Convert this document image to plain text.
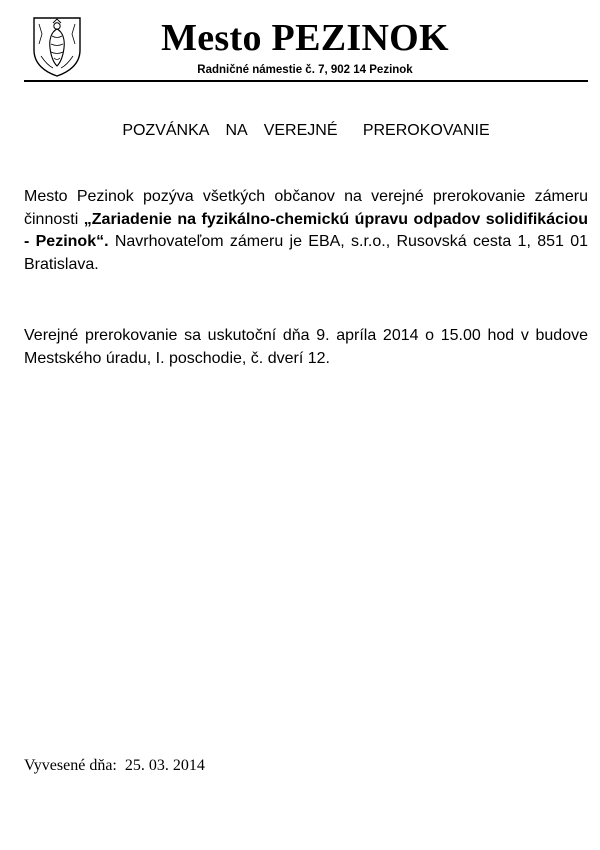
Mesto PEZINOK
Radničné námestie č. 7, 902 14 Pezinok
POZVÁNKA  NA  VEREJNÉ   PREROKOVANIE

Mesto Pezinok pozýva všetkých občanov na verejné prerokovanie zámeru činnosti „Zariadenie na fyzikálno-chemickú úpravu odpadov solidifikáciou - Pezinok“. Navrhovateľom zámeru je EBA, s.r.o., Rusovská cesta 1, 851 01 Bratislava.

Verejné prerokovanie sa uskutoční dňa 9. apríla 2014 o 15.00 hod v budove Mestského úradu, I. poschodie, č. dverí 12.

Vyvesené dňa:  25. 03. 2014
